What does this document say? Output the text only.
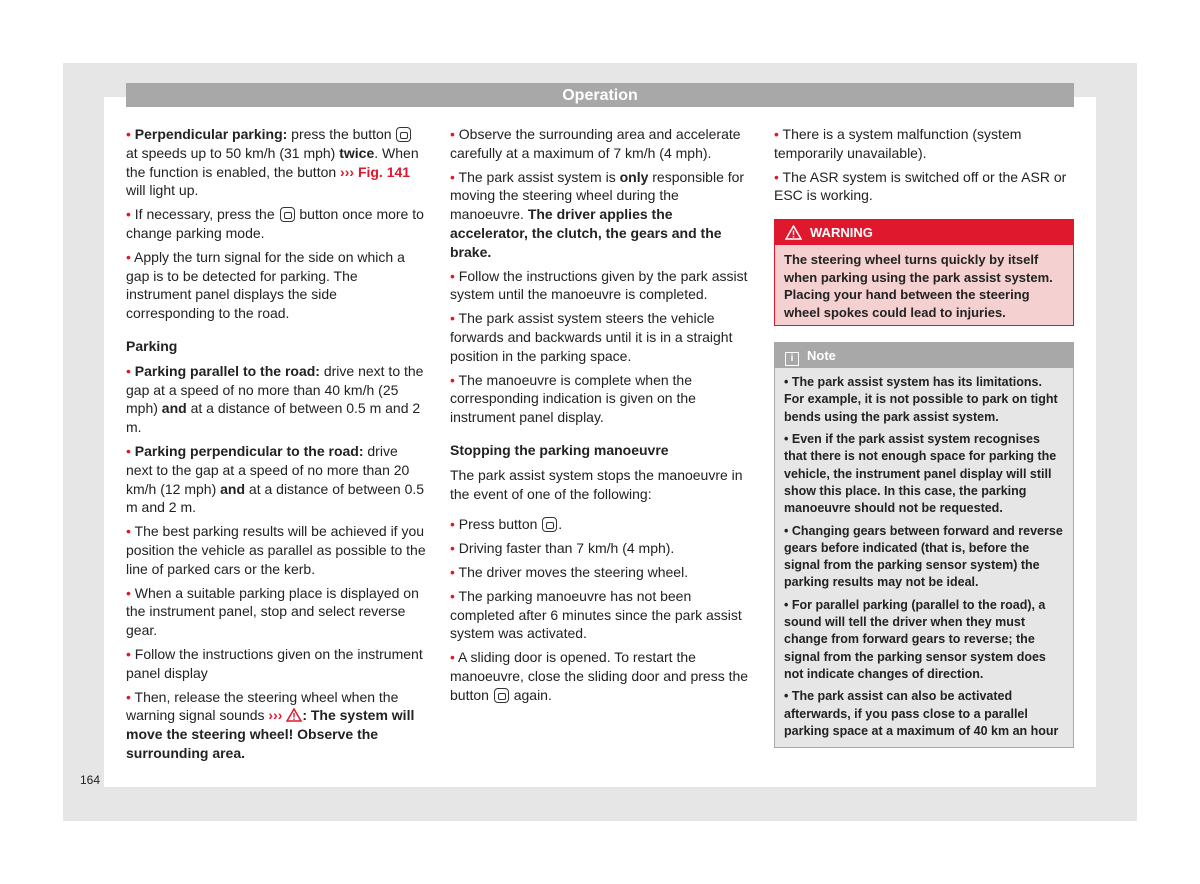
Operation

• Perpendicular parking: press the button  at speeds up to 50 km/h (31 mph) twice. When the function is enabled, the button ››› Fig. 141 will light up.

• If necessary, press the  button once more to change parking mode.

• Apply the turn signal for the side on which a gap is to be detected for parking. The instrument panel displays the side corresponding to the road.

Parking

• Parking parallel to the road: drive next to the gap at a speed of no more than 40 km/h (25 mph) and at a distance of between 0.5 m and 2 m.

• Parking perpendicular to the road: drive next to the gap at a speed of no more than 20 km/h (12 mph) and at a distance of between 0.5 m and 2 m.

• The best parking results will be achieved if you position the vehicle as parallel as possible to the line of parked cars or the kerb.

• When a suitable parking place is displayed on the instrument panel, stop and select reverse gear.

• Follow the instructions given on the instrument panel display

• Then, release the steering wheel when the warning signal sounds ››› : The system will move the steering wheel! Observe the surrounding area.

• Observe the surrounding area and accelerate carefully at a maximum of 7 km/h (4 mph).

• The park assist system is only responsible for moving the steering wheel during the manoeuvre. The driver applies the accelerator, the clutch, the gears and the brake.

• Follow the instructions given by the park assist system until the manoeuvre is completed.

• The park assist system steers the vehicle forwards and backwards until it is in a straight position in the parking space.

• The manoeuvre is complete when the corresponding indication is given on the instrument panel display.

Stopping the parking manoeuvre

The park assist system stops the manoeuvre in the event of one of the following:

• Press button .

• Driving faster than 7 km/h (4 mph).

• The driver moves the steering wheel.

• The parking manoeuvre has not been completed after 6 minutes since the park assist system was activated.

• A sliding door is opened. To restart the manoeuvre, close the sliding door and press the button  again.

• There is a system malfunction (system temporarily unavailable).

• The ASR system is switched off or the ASR or ESC is working.

WARNING
The steering wheel turns quickly by itself when parking using the park assist system. Placing your hand between the steering wheel spokes could lead to injuries.
i Note

• The park assist system has its limitations. For example, it is not possible to park on tight bends using the park assist system.

• Even if the park assist system recognises that there is not enough space for parking the vehicle, the instrument panel display will still show this place. In this case, the parking manoeuvre should not be requested.

• Changing gears between forward and reverse gears before indicated (that is, before the signal from the parking sensor system) the parking results may not be ideal.

• For parallel parking (parallel to the road), a sound will tell the driver when they must change from forward gears to reverse; the signal from the parking sensor system does not indicate changes of direction.

• The park assist can also be activated afterwards, if you pass close to a parallel parking space at a maximum of 40 km an hour

164
